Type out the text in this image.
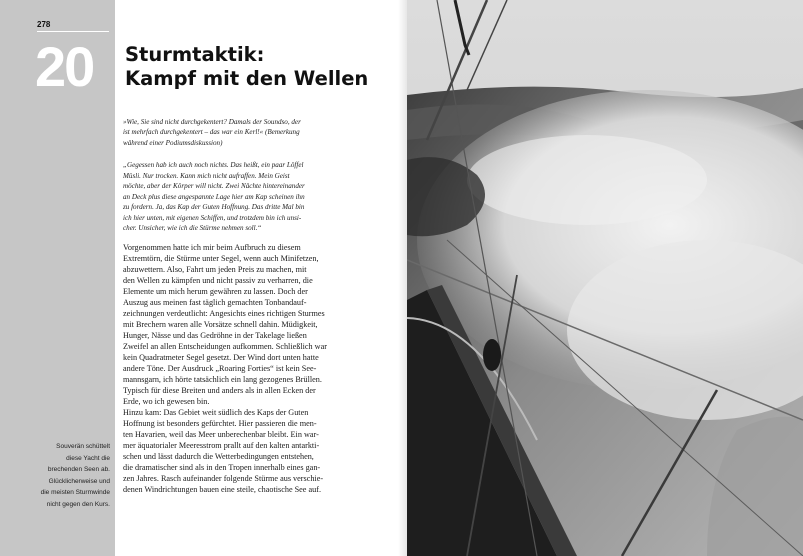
278
20
Souverän schüttelt
diese Yacht die
brechenden Seen ab.
Glücklicherweise und
die meisten Sturmwinde
nicht gegen den Kurs.
Sturmtaktik:
Kampf mit den Wellen
»Wie, Sie sind nicht durchgekentert? Damals der Soundso, der
ist mehrfach durchgekentert – das war ein Kerl!« (Bemerkung
während einer Podiumsdiskussion)
„Gegessen hab ich auch noch nichts. Das heißt, ein paar Löffel
Müsli. Nur trocken. Kann mich nicht aufraffen. Mein Geist
möchte, aber der Körper will nicht. Zwei Nächte hintereinander
an Deck plus diese angespannte Lage hier am Kap scheinen ihn
zu fordern. Ja, das Kap der Guten Hoffnung. Das dritte Mal bin
ich hier unten, mit eigenen Schiffen, und trotzdem bin ich unsi-
cher. Unsicher, wie ich die Stürme nehmen soll.“
Vorgenommen hatte ich mir beim Aufbruch zu diesem
Extremtörn, die Stürme unter Segel, wenn auch Minifetzen,
abzuwettern. Also, Fahrt um jeden Preis zu machen, mit
den Wellen zu kämpfen und nicht passiv zu verharren, die
Elemente um mich herum gewähren zu lassen. Doch der
Auszug aus meinen fast täglich gemachten Tonbandauf-
zeichnungen verdeutlicht: Angesichts eines richtigen Sturmes
mit Brechern waren alle Vorsätze schnell dahin. Müdigkeit,
Hunger, Nässe und das Gedröhne in der Takelage ließen
Zweifel an allen Entscheidungen aufkommen. Schließlich war
kein Quadratmeter Segel gesetzt. Der Wind dort unten hatte
andere Töne. Der Ausdruck „Roaring Forties“ ist kein See-
mannsgarn, ich hörte tatsächlich ein lang gezogenes Brüllen.
Typisch für diese Breiten und anders als in allen Ecken der
Erde, wo ich gewesen bin.
Hinzu kam: Das Gebiet weit südlich des Kaps der Guten
Hoffnung ist besonders gefürchtet. Hier passieren die men-
ten Havarien, weil das Meer unberechenbar bleibt. Ein war-
mer äquatorialer Meeresstrom prallt auf den kalten antarkti-
schen und lässt dadurch die Wetterbedingungen entstehen,
die dramatischer sind als in den Tropen innerhalb eines gan-
zen Jahres. Rasch aufeinander folgende Stürme aus verschie-
denen Windrichtungen bauen eine steile, chaotische See auf.
